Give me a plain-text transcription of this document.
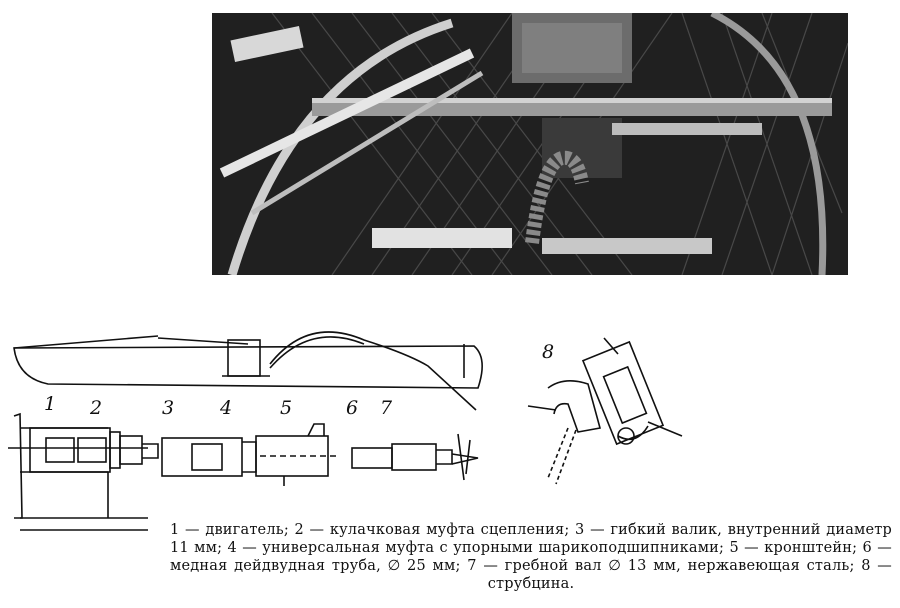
1 2	3 4	5	6 7
8
1 — двигатель; 2 — кулачковая муфта сцепления; 3 — гибкий валик, внутренний диаметр 11 мм; 4 — универсальная муфта с упорными шарикоподшипниками; 5 — кронштейн; 6 — медная дейдвудная труба, ∅ 25 мм; 7 — гребной вал ∅ 13 мм, нержавеющая сталь; 8 — струбцина.
